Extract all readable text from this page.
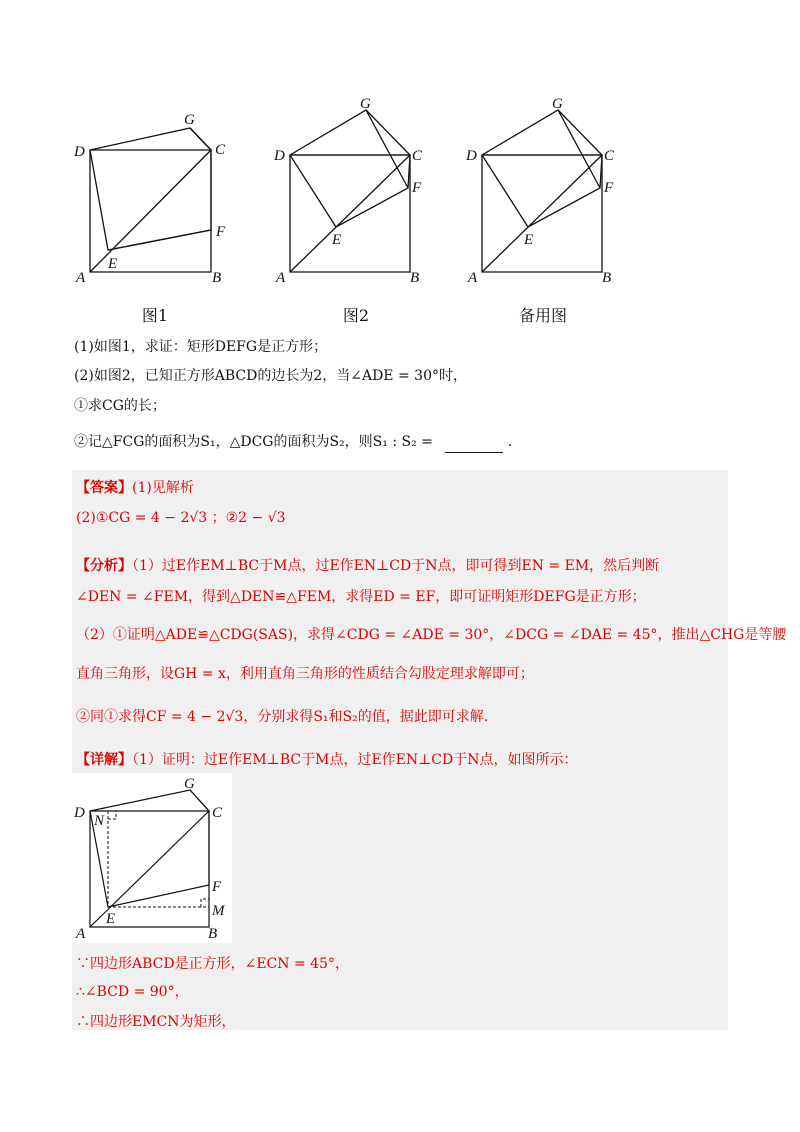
D
G
C
F
E
A	B
图1
D
G
C
F
E
A	B
图2
D
G
C
F
E
A	B
备用图
(1)如图1，求证：矩形DEFG是正方形；
(2)如图2，已知正方形ABCD的边长为2，当∠ADE = 30°时，
①求CG的长；
②记△FCG的面积为S₁，△DCG的面积为S₂，则S₁ : S₂ =	.
【答案】(1)见解析
(2)①CG = 4 − 2√3 ；②2 − √3
【分析】（1）过E作EM⊥BC于M点，过E作EN⊥CD于N点，即可得到EN = EM，然后判断
∠DEN = ∠FEM，得到△DEN≌△FEM，求得ED = EF，即可证明矩形DEFG是正方形；
（2）①证明△ADE≌△CDG(SAS)，求得∠CDG = ∠ADE = 30°，∠DCG = ∠DAE = 45°，推出△CHG是等腰
直角三角形，设GH = x，利用直角三角形的性质结合勾股定理求解即可；
②同①求得CF = 4 − 2√3，分别求得S₁和S₂的值，据此即可求解.
【详解】（1）证明：过E作EM⊥BC于M点，过E作EN⊥CD于N点，如图所示：
D N
G
C
F
M
E
A	B
∵四边形ABCD是正方形，∠ECN = 45°，
∴∠BCD = 90°，
∴四边形EMCN为矩形，
